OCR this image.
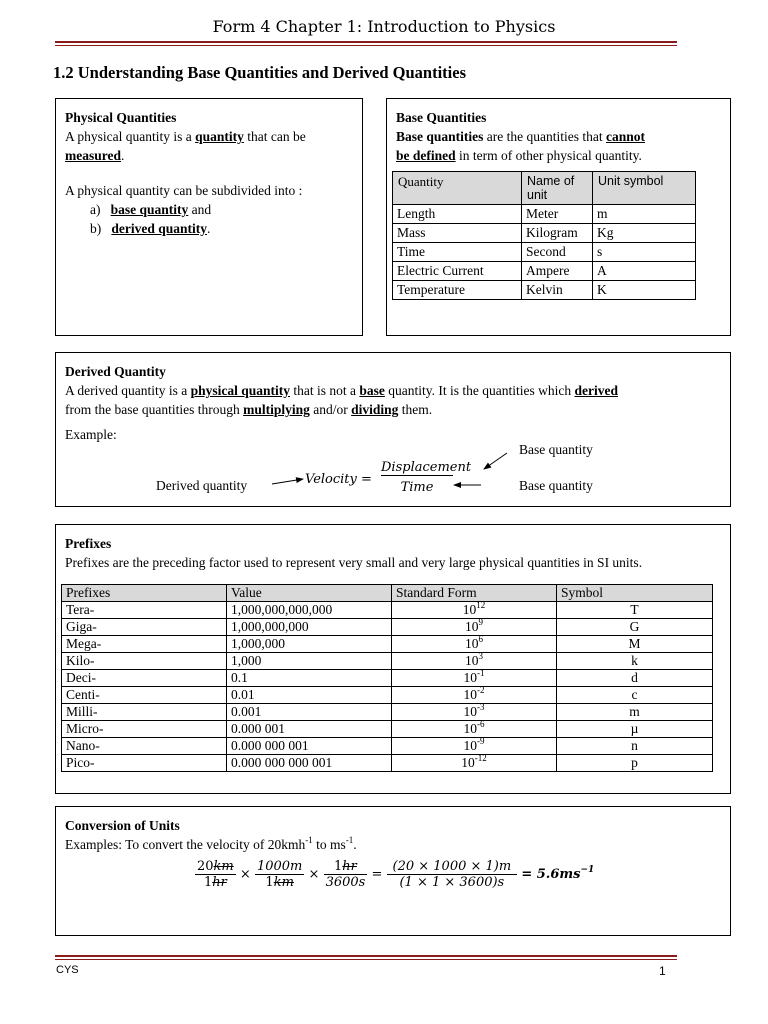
Form 4 Chapter 1: Introduction to Physics
1.2 Understanding Base Quantities and Derived Quantities

Physical Quantities

A physical quantity is a quantity that can be

measured.

A physical quantity can be subdivided into :

a) base quantity and

b) derived quantity.

Base Quantities

Base quantities are the quantities that cannot

be defined in term of other physical quantity.

Quantity	Name of unit	Unit symbol
Length	Meter	m
Mass	Kilogram	Kg
Time	Second	s
Electric Current	Ampere	A
Temperature	Kelvin	K

Derived Quantity

A derived quantity is a physical quantity that is not a base quantity. It is the quantities which derived

from the base quantities through multiplying and/or dividing them.

Example:

Derived quantity
Base quantity
Base quantity
Velocity =
Displacement
Time

Prefixes

Prefixes are the preceding factor used to represent very small and very large physical quantities in SI units.

Prefixes	Value	Standard Form	Symbol
Tera-	1,000,000,000,000	$10^{12}$	T
Giga-	1,000,000,000	$10^9$	G
Mega-	1,000,000	$10^6$	M
Kilo-	1,000	$10^3$	k
Deci-	0.1	$10^{-1}$	d
Centi-	0.01	$10^{-2}$	c
Milli-	0.001	$10^{-3}$	m
Micro-	0.000 001	$10^{-6}$	µ
Nano-	0.000 000 001	$10^{-9}$	n
Pico-	0.000 000 000 001	$10^{-12}$	p

Conversion of Units

Examples: To convert the velocity of 20kmh$^{-1}$ to $ms^{-1}$.

$\frac{20km}{1hr} \times \frac{1000m}{1km} \times \frac{1hr}{3600s} = \frac{(20 \times 1000 \times 1)m}{(1 \times 1 \times 3600)s} = 5.6ms^{-1}$
CYS	1
